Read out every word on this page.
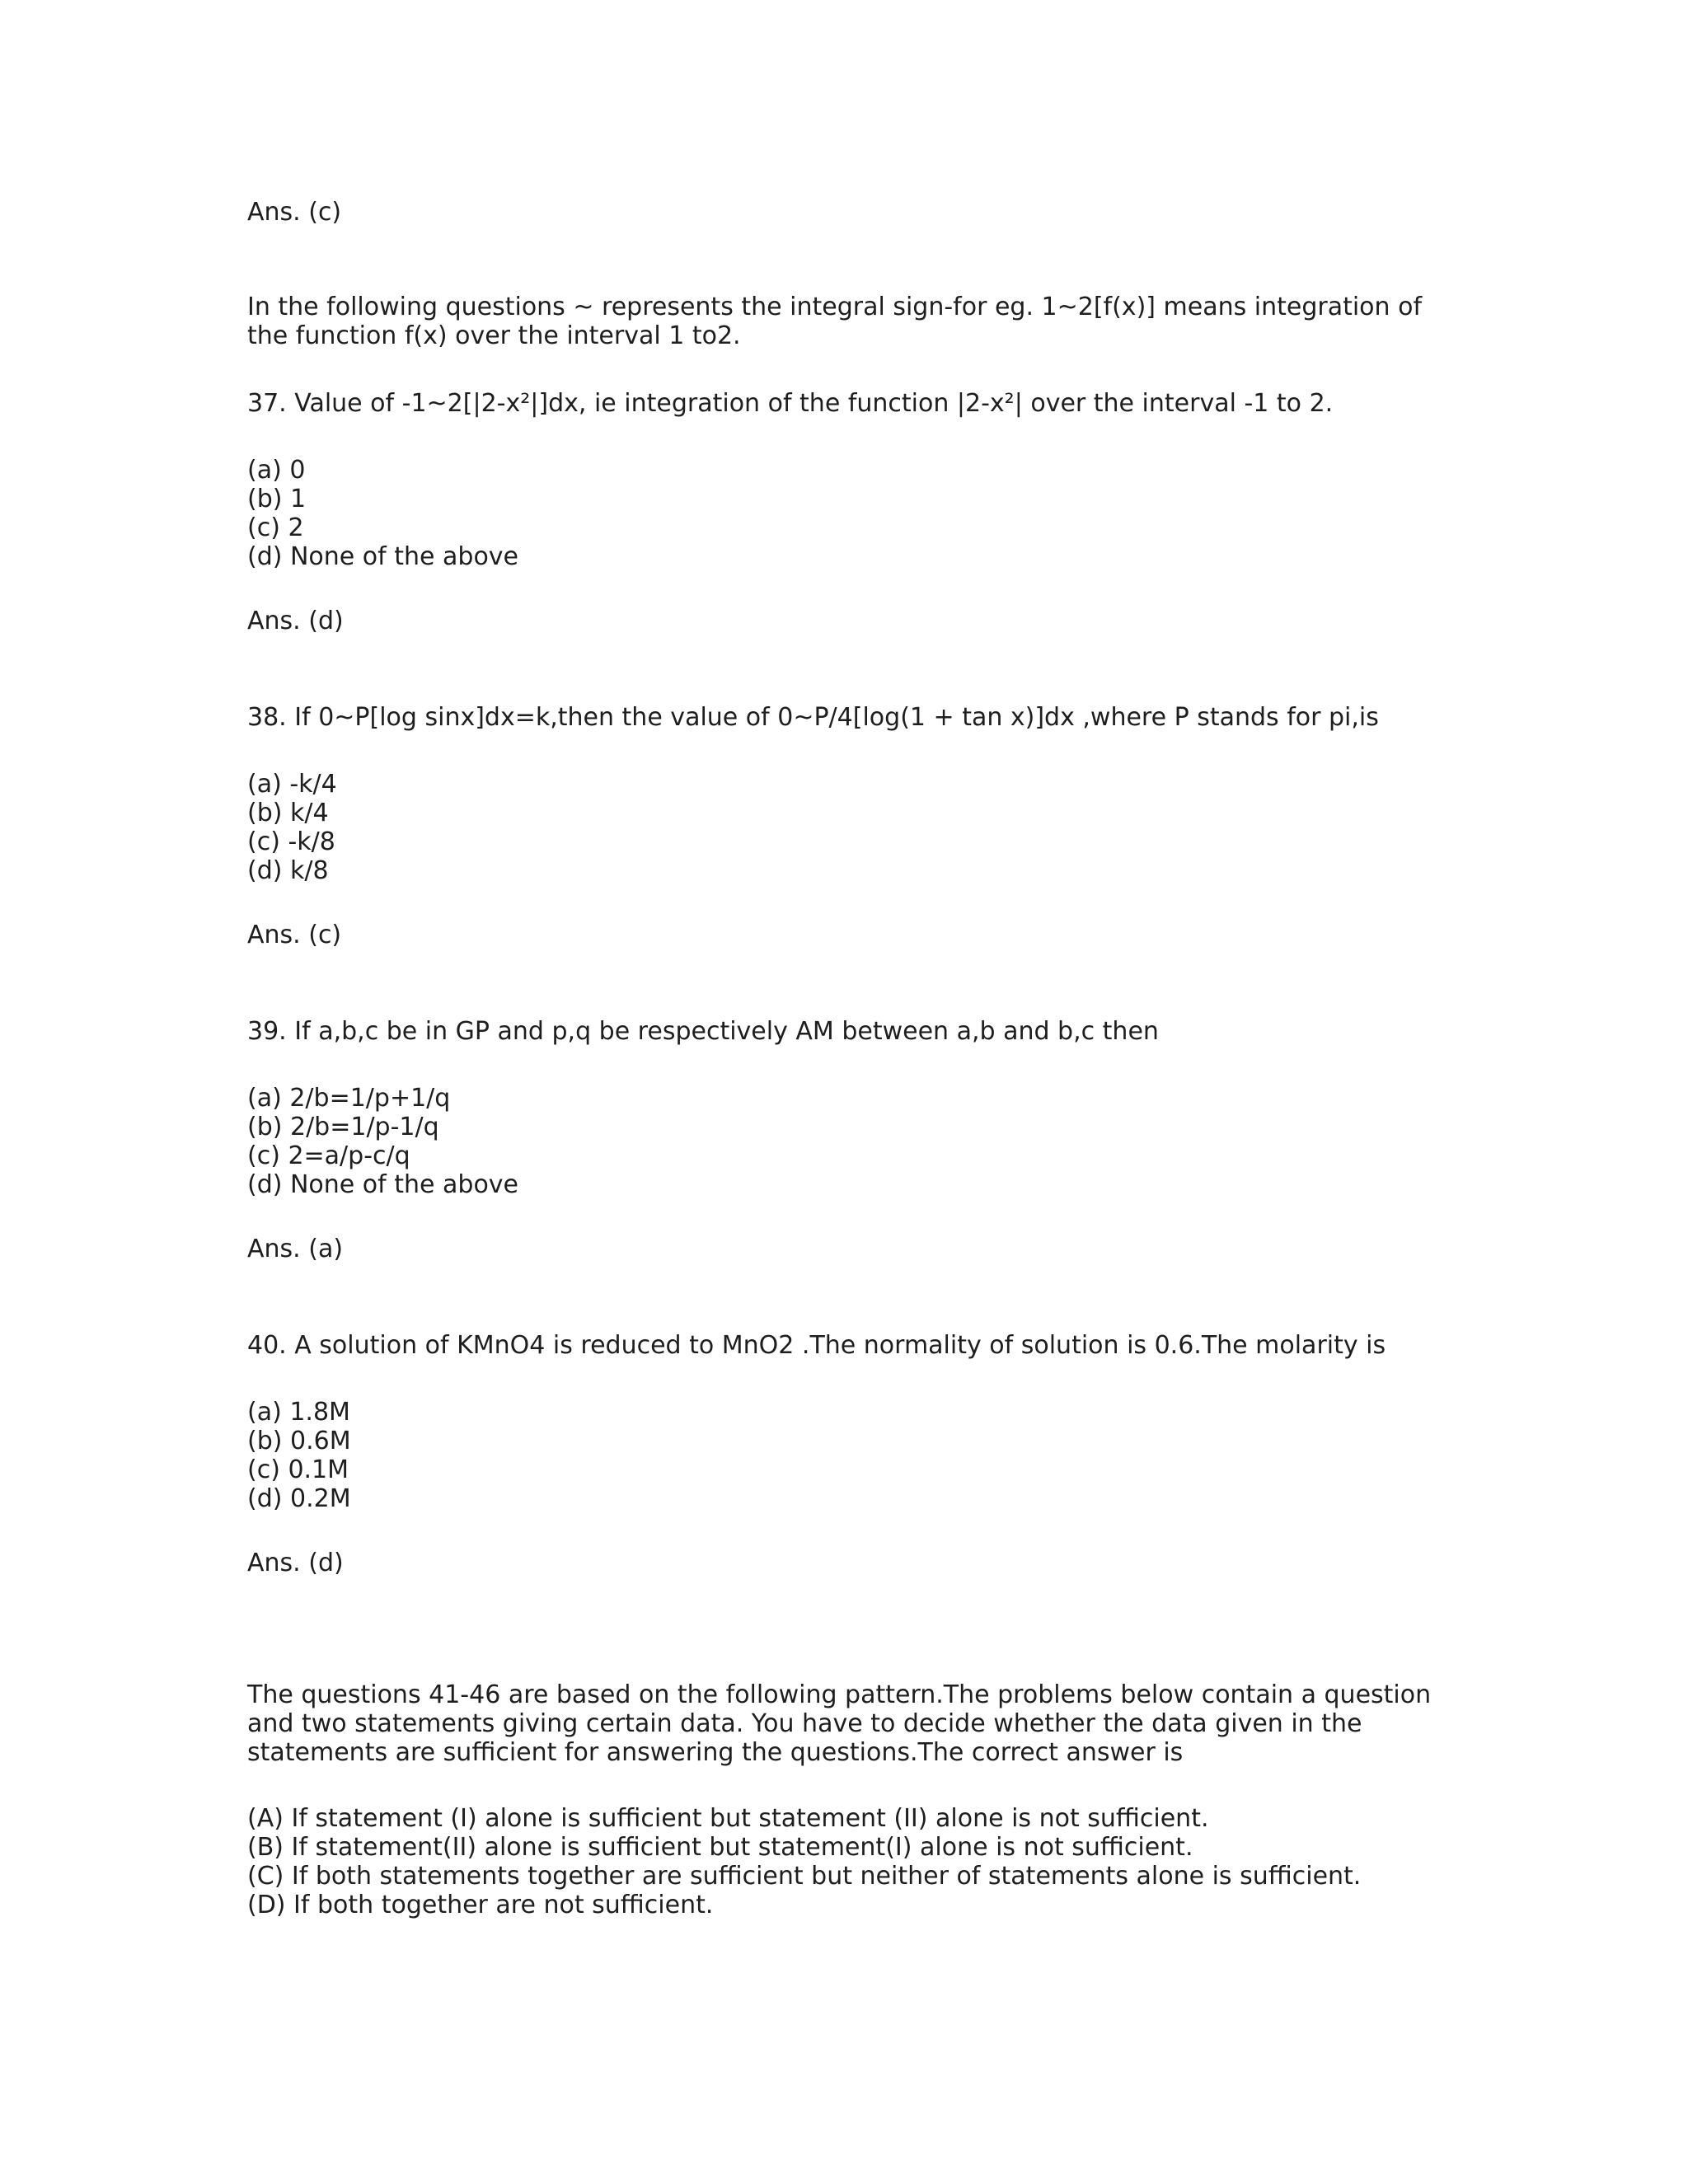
Ans. (c)

In the following questions ~ represents the integral sign-for eg. 1~2[f(x)] means integration of
the function f(x) over the interval 1 to2.

37. Value of -1~2[|2-x²|]dx, ie integration of the function |2-x²| over the interval -1 to 2.

(a) 0
(b) 1
(c) 2
(d) None of the above

Ans. (d)

38. If 0~P[log sinx]dx=k,then the value of 0~P/4[log(1 + tan x)]dx ,where P stands for pi,is

(a) -k/4
(b) k/4
(c) -k/8
(d) k/8

Ans. (c)

39. If a,b,c be in GP and p,q be respectively AM between a,b and b,c then

(a) 2/b=1/p+1/q
(b) 2/b=1/p-1/q
(c) 2=a/p-c/q
(d) None of the above

Ans. (a)

40. A solution of KMnO4 is reduced to MnO2 .The normality of solution is 0.6.The molarity is

(a) 1.8M
(b) 0.6M
(c) 0.1M
(d) 0.2M

Ans. (d)

The questions 41-46 are based on the following pattern.The problems below contain a question
and two statements giving certain data. You have to decide whether the data given in the
statements are sufficient for answering the questions.The correct answer is
(A) If statement (I) alone is sufficient but statement (II) alone is not sufficient.
(B) If statement(II) alone is sufficient but statement(I) alone is not sufficient.
(C) If both statements together are sufficient but neither of statements alone is sufficient.
(D) If both together are not sufficient.
